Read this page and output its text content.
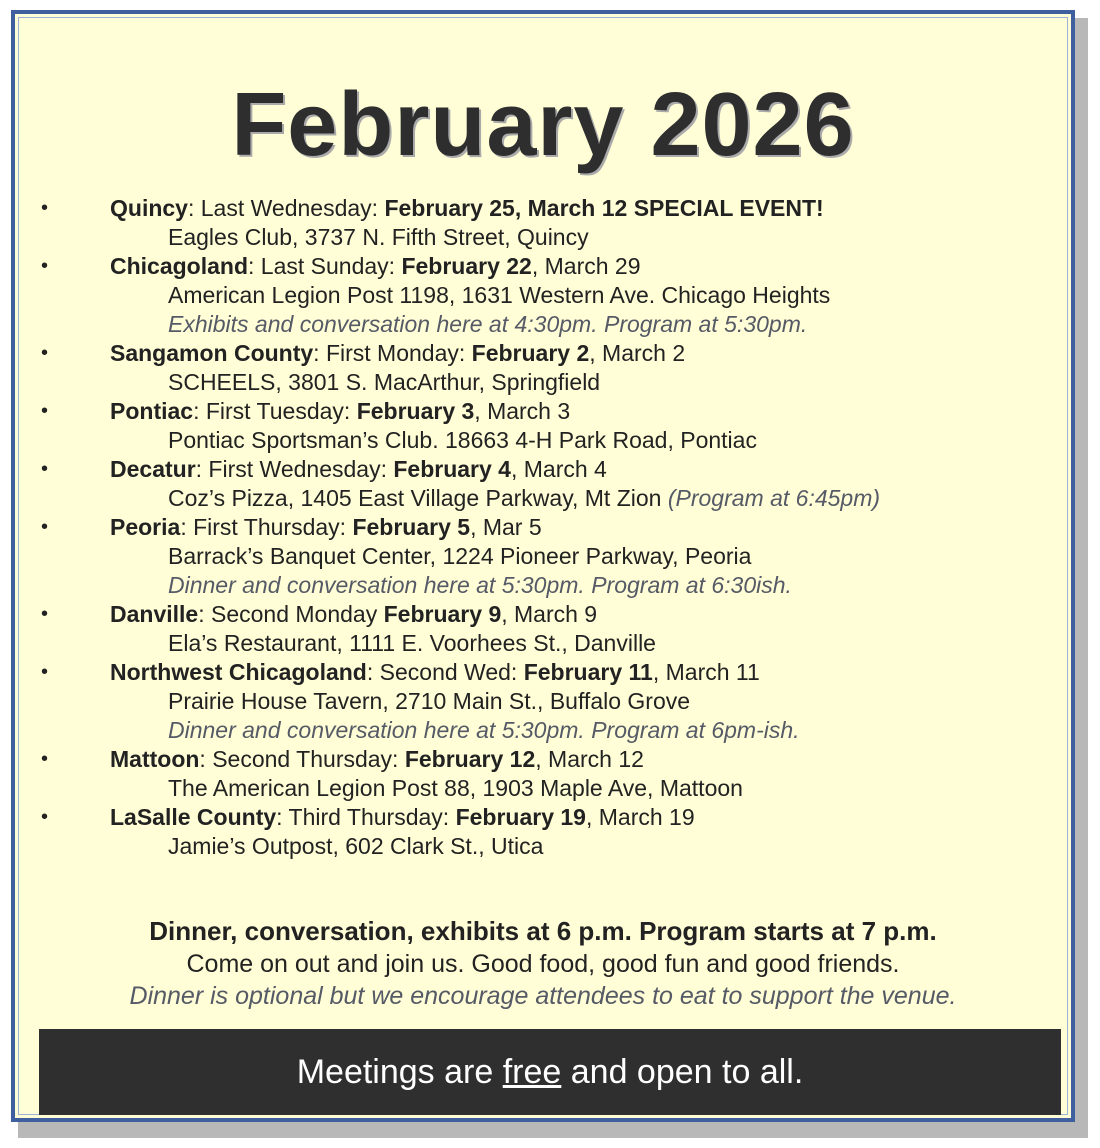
February 2026
•	Quincy: Last Wednesday: February 25, March 12 SPECIAL EVENT!
Eagles Club, 3737 N. Fifth Street, Quincy
•	Chicagoland: Last Sunday: February 22, March 29
American Legion Post 1198, 1631 Western Ave. Chicago Heights
Exhibits and conversation here at 4:30pm. Program at 5:30pm.
•	Sangamon County: First Monday: February 2, March 2
SCHEELS, 3801 S. MacArthur, Springfield
•	Pontiac: First Tuesday: February 3, March 3
Pontiac Sportsman’s Club. 18663 4-H Park Road, Pontiac
•	Decatur: First Wednesday: February 4, March 4
Coz’s Pizza, 1405 East Village Parkway, Mt Zion (Program at 6:45pm)
•	Peoria: First Thursday: February 5, Mar 5
Barrack’s Banquet Center, 1224 Pioneer Parkway, Peoria
Dinner and conversation here at 5:30pm. Program at 6:30ish.
•	Danville: Second Monday February 9, March 9
Ela’s Restaurant, 1111 E. Voorhees St., Danville
•	Northwest Chicagoland: Second Wed: February 11, March 11
Prairie House Tavern, 2710 Main St., Buffalo Grove
Dinner and conversation here at 5:30pm. Program at 6pm-ish.
•	Mattoon: Second Thursday: February 12, March 12
The American Legion Post 88, 1903 Maple Ave, Mattoon
•	LaSalle County: Third Thursday: February 19, March 19
Jamie’s Outpost, 602 Clark St., Utica
Dinner, conversation, exhibits at 6 p.m. Program starts at 7 p.m.
Come on out and join us. Good food, good fun and good friends.
Dinner is optional but we encourage attendees to eat to support the venue.
Meetings are free and open to all.
